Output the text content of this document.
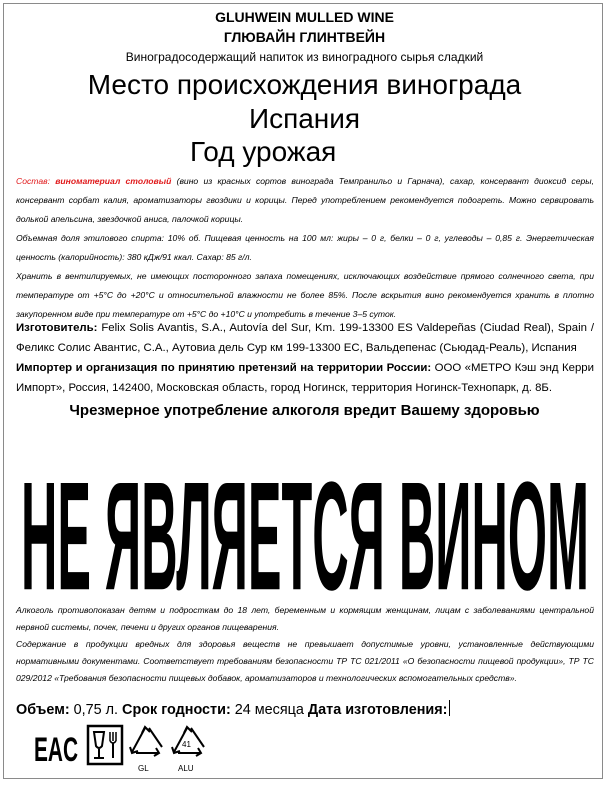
GLUHWEIN MULLED WINE
ГЛЮВАЙН ГЛИНТВЕЙН
Виноградосодержащий напиток из виноградного сырья сладкий
Место происхождения винограда
Испания
Год урожая
Состав: виноматериал столовый (вино из красных сортов винограда Темпранильо и Гарнача), сахар, консервант диоксид серы, консервант сорбат калия, ароматизаторы гвоздики и корицы. Перед употреблением рекомендуется подогреть. Можно сервировать долькой апельсина, звездочкой аниса, палочкой корицы.
Объемная доля этилового спирта: 10% об. Пищевая ценность на 100 мл: жиры – 0 г, белки – 0 г, углеводы – 0,85 г. Энергетическая ценность (калорийность): 380 кДж/91 ккал. Сахар: 85 г/л.
Хранить в вентилируемых, не имеющих посторонного запаха помещениях, исключающих воздействие прямого солнечного света, при температуре от +5°С до +20°С и относительной влажности не более 85%. После вскрытия вино рекомендуется хранить в плотно закупоренном виде при температуре от +5°С до +10°С и употребить в течение 3–5 суток.
Изготовитель: Felix Solis Avantis, S.A., Autovía del Sur, Km. 199-13300 ES Valdepeñas (Ciudad Real), Spain / Феликс Солис Авантис, С.А., Аутовиа дель Сур км 199-13300 ЕС, Вальдепенас (Сьюдад-Реаль), Испания
Импортер и организация по принятию претензий на территории России: ООО «МЕТРО Кэш энд Керри Импорт», Россия, 142400, Московская область, город Ногинск, территория Ногинск-Технопарк, д. 8Б.
Чрезмерное употребление алкоголя вредит Вашему здоровью
НЕ ЯВЛЯЕТСЯ ВИНОМ
Алкоголь противопоказан детям и подросткам до 18 лет, беременным и кормящим женщинам, лицам с заболеваниями центральной нервной системы, почек, печени и других органов пищеварения.
Содержание в продукции вредных для здоровья веществ не превышает допустимые уровни, установленные действующими нормативными документами. Соответствует требованиям безопасности ТР ТС 021/2011 «О безопасности пищевой продукции», ТР ТС 029/2012 «Требования безопасности пищевых добавок, ароматизаторов и технологических вспомогательных средств».
Объем: 0,75 л. Срок годности: 24 месяца Дата изготовления:
EAC	GL
41
ALU
